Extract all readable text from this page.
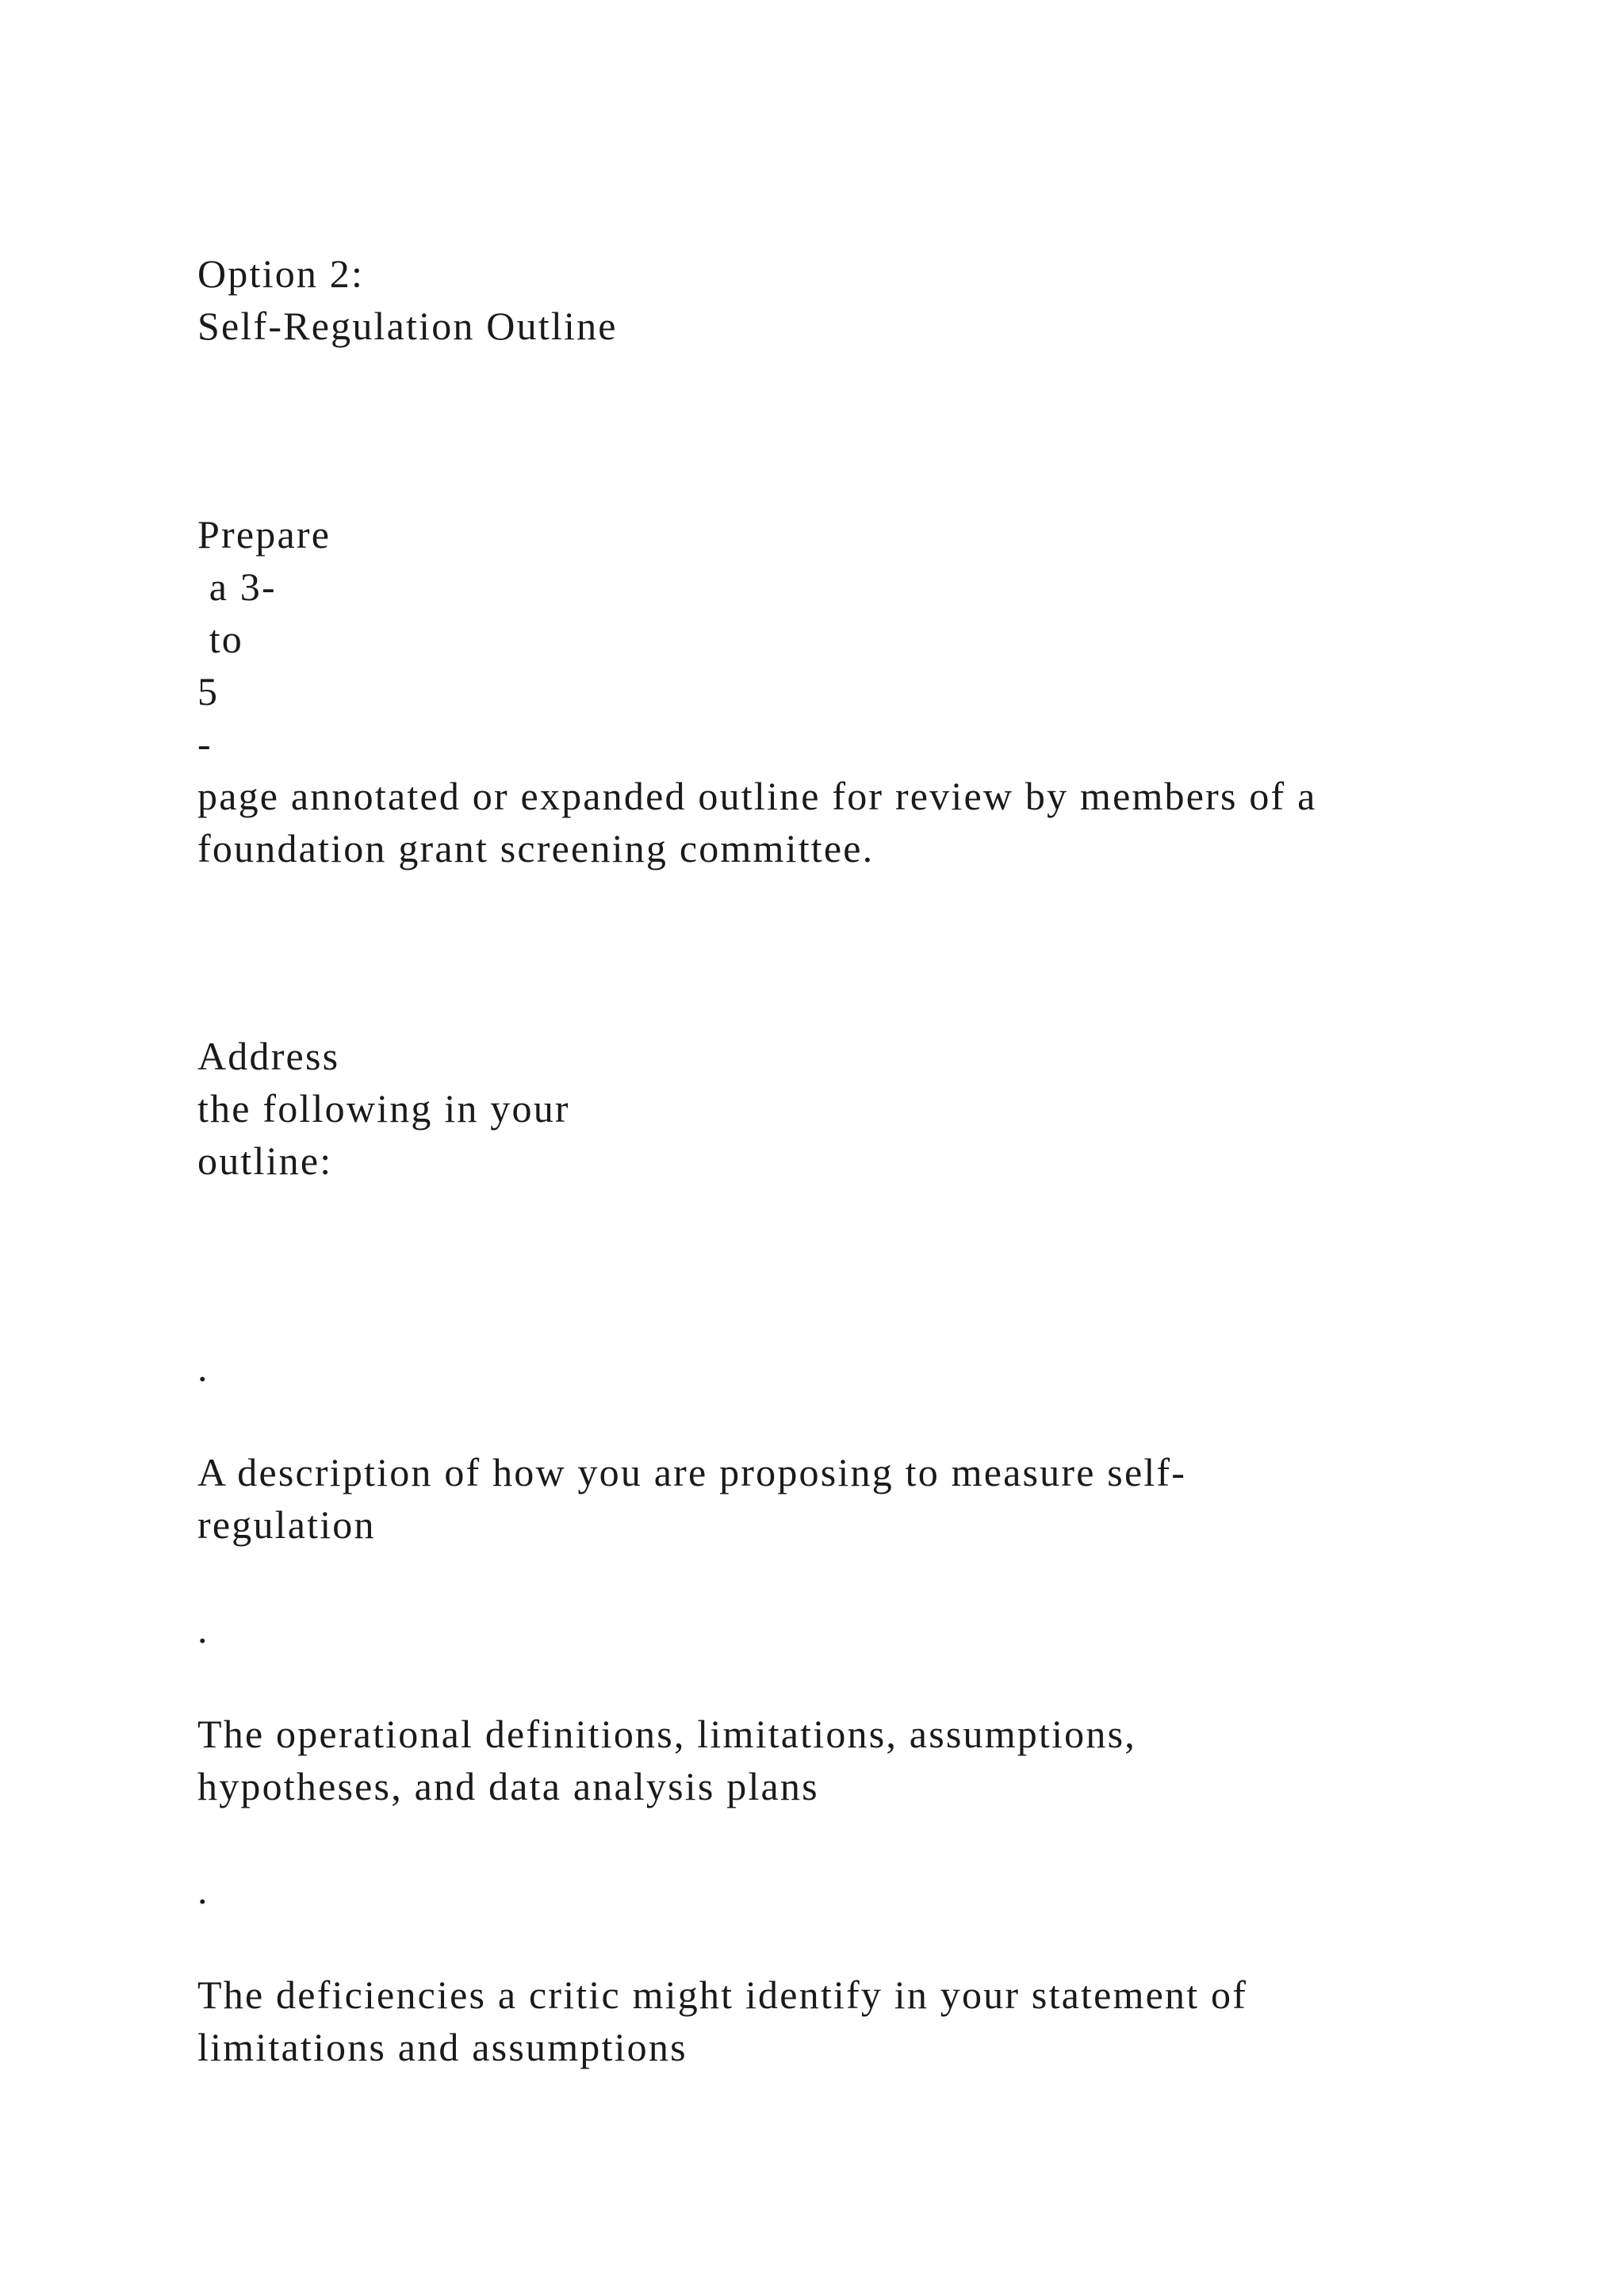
Option 2:
Self-Regulation Outline
Prepare
a 3-
to
5
-
page annotated or expanded outline for review by members of a
foundation grant screening committee.
Address
the following in your
outline:
.
A description of how you are proposing to measure self-
regulation
.
The operational definitions, limitations, assumptions,
hypotheses, and data analysis plans
.
The deficiencies a critic might identify in your statement of
limitations and assumptions
